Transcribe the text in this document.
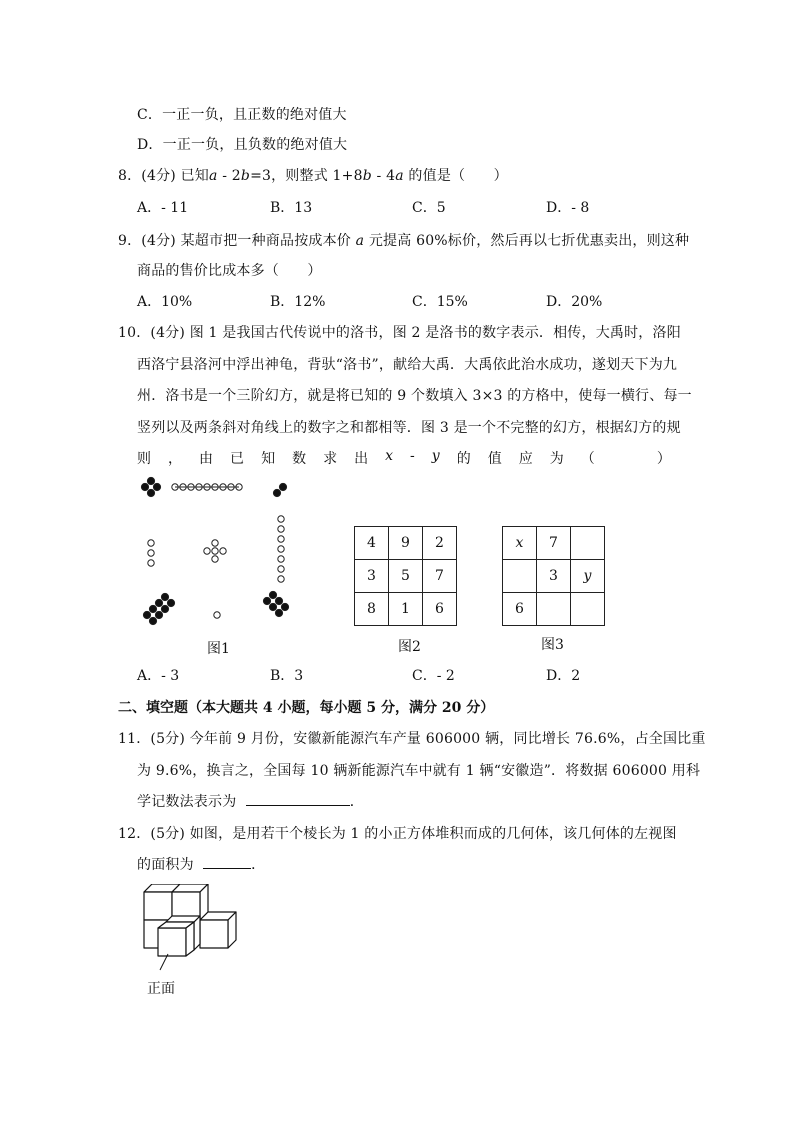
C．一正一负，且正数的绝对值大
D．一正一负，且负数的绝对值大
8．(4分) 已知a - 2b=3，则整式 1+8b - 4a 的值是（　　）
A．- 11	B．13	C．5	D．- 8
9．(4分) 某超市把一种商品按成本价 a 元提高 60%标价，然后再以七折优惠卖出，则这种
商品的售价比成本多（　　）
A．10%	B．12%	C．15%	D．20%
10．(4分) 图 1 是我国古代传说中的洛书，图 2 是洛书的数字表示．相传，大禹时，洛阳
西洛宁县洛河中浮出神龟，背驮“洛书”，献给大禹．大禹依此治水成功，遂划天下为九
州．洛书是一个三阶幻方，就是将已知的 9 个数填入 3×3 的方格中，使每一横行、每一
竖列以及两条斜对角线上的数字之和都相等．图 3 是一个不完整的幻方，根据幻方的规
则 ， 由 已 知 数 求 出 x - y 的 值 应 为 （
　　	）
图1
4	9	2
3	5	7
8	1	6
图2
x	7	
	3	y
6		
图3
A．- 3	B．3	C．- 2	D．2
二、填空题（本大题共 4 小题，每小题 5 分，满分 20 分）
11．(5分) 今年前 9 月份，安徽新能源汽车产量 606000 辆，同比增长 76.6%，占全国比重
为 9.6%，换言之，全国每 10 辆新能源汽车中就有 1 辆“安徽造”．将数据 606000 用科
学记数法表示为	．
12．(5分) 如图，是用若干个棱长为 1 的小正方体堆积而成的几何体，该几何体的左视图
的面积为	．
正面
